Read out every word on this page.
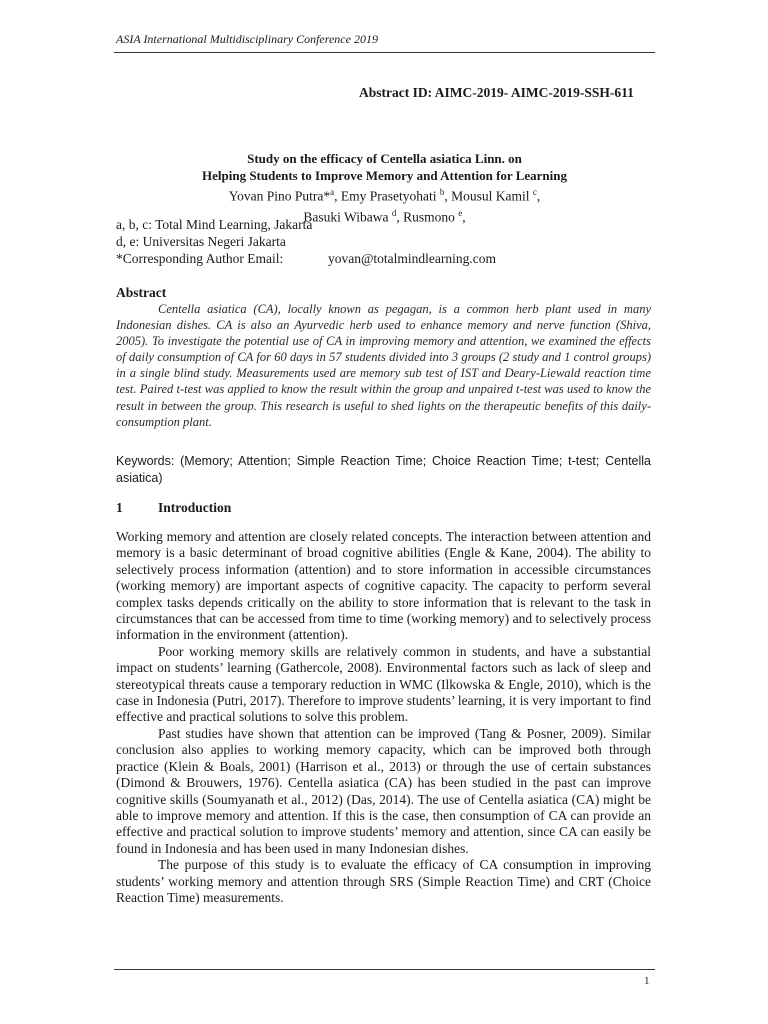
ASIA International Multidisciplinary Conference 2019
Abstract ID: AIMC-2019- AIMC-2019-SSH-611
Study on the efficacy of Centella asiatica Linn. on
Helping Students to Improve Memory and Attention for Learning
Yovan Pino Putra*$^a$, Emy Prasetyohati $^b$, Mousul Kamil $^c$,
Basuki Wibawa $^d$, Rusmono $^e$,
a, b, c: Total Mind Learning, Jakarta
d, e: Universitas Negeri Jakarta
*Corresponding Author Email:	yovan@totalmindlearning.com
Abstract
Centella asiatica (CA), locally known as pegagan, is a common herb plant used in many Indonesian dishes. CA is also an Ayurvedic herb used to enhance memory and nerve function (Shiva, 2005). To investigate the potential use of CA in improving memory and attention, we examined the effects of daily consumption of CA for 60 days in 57 students divided into 3 groups (2 study and 1 control groups) in a single blind study. Measurements used are memory sub test of IST and Deary-Liewald reaction time test. Paired t-test was applied to know the result within the group and unpaired t-test was used to know the result in between the group. This research is useful to shed lights on the therapeutic benefits of this daily-consumption plant.
Keywords: (Memory; Attention; Simple Reaction Time; Choice Reaction Time; t-test; Centella asiatica)
1	Introduction

Working memory and attention are closely related concepts. The interaction between attention and memory is a basic determinant of broad cognitive abilities (Engle & Kane, 2004). The ability to selectively process information (attention) and to store information in accessible circumstances (working memory) are important aspects of cognitive capacity. The capacity to perform several complex tasks depends critically on the ability to store information that is relevant to the task in circumstances that can be accessed from time to time (working memory) and to selectively process information in the environment (attention).

Poor working memory skills are relatively common in students, and have a substantial impact on students’ learning (Gathercole, 2008). Environmental factors such as lack of sleep and stereotypical threats cause a temporary reduction in WMC (Ilkowska & Engle, 2010), which is the case in Indonesia (Putri, 2017). Therefore to improve students’ learning, it is very important to find effective and practical solutions to solve this problem.

Past studies have shown that attention can be improved (Tang & Posner, 2009). Similar conclusion also applies to working memory capacity, which can be improved both through practice (Klein & Boals, 2001) (Harrison et al., 2013) or through the use of certain substances (Dimond & Brouwers, 1976). Centella asiatica (CA) has been studied in the past can improve cognitive skills (Soumyanath et al., 2012) (Das, 2014). The use of Centella asiatica (CA) might be able to improve memory and attention. If this is the case, then consumption of CA can provide an effective and practical solution to improve students’ memory and attention, since CA can easily be found in Indonesia and has been used in many Indonesian dishes.

The purpose of this study is to evaluate the efficacy of CA consumption in improving students’ working memory and attention through SRS (Simple Reaction Time) and CRT (Choice Reaction Time) measurements.

1
